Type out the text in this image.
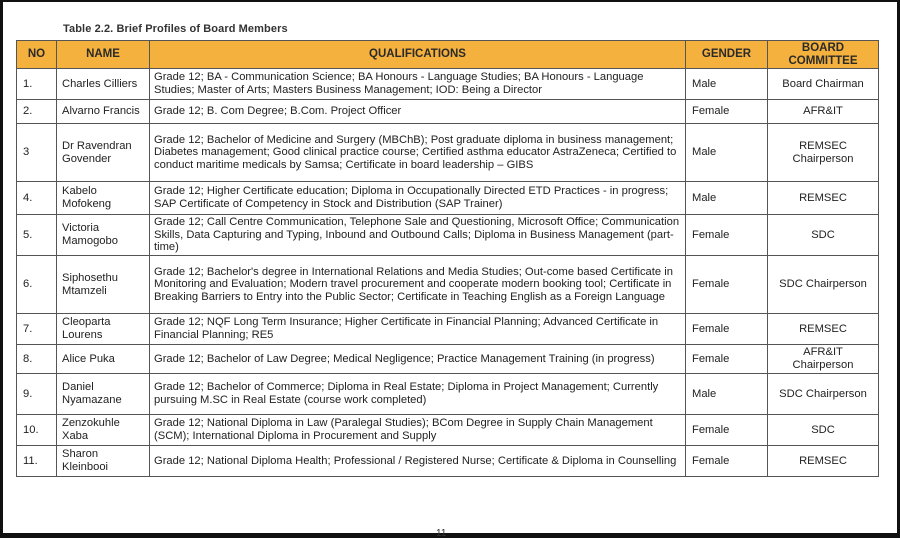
Table 2.2. Brief Profiles of Board Members
NO	NAME	QUALIFICATIONS	GENDER	BOARD COMMITTEE
1.	Charles Cilliers	Grade 12; BA - Communication Science; BA Honours - Language Studies; BA Honours - Language Studies; Master of Arts; Masters Business Management; IOD: Being a Director	Male	Board Chairman
2.	Alvarno Francis	Grade 12; B. Com Degree; B.Com. Project Officer	Female	AFR&IT
3	Dr Ravendran Govender	Grade 12; Bachelor of Medicine and Surgery (MBChB); Post graduate diploma in business management; Diabetes management; Good clinical practice course; Certified asthma educator AstraZeneca; Certified to conduct maritime medicals by Samsa; Certificate in board leadership – GIBS	Male	REMSEC Chairperson
4.	Kabelo Mofokeng	Grade 12; Higher Certificate education; Diploma in Occupationally Directed ETD Practices - in progress; SAP Certificate of Competency in Stock and Distribution (SAP Trainer)	Male	REMSEC
5.	Victoria Mamogobo	Grade 12; Call Centre Communication, Telephone Sale and Questioning, Microsoft Office; Communication Skills, Data Capturing and Typing, Inbound and Outbound Calls; Diploma in Business Management (part-time)	Female	SDC
6.	Siphosethu Mtamzeli	Grade 12; Bachelor's degree in International Relations and Media Studies; Out-come based Certificate in Monitoring and Evaluation; Modern travel procurement and cooperate modern booking tool; Certificate in Breaking Barriers to Entry into the Public Sector; Certificate in Teaching English as a Foreign Language	Female	SDC Chairperson
7.	Cleoparta Lourens	Grade 12; NQF Long Term Insurance; Higher Certificate in Financial Planning; Advanced Certificate in Financial Planning; RE5	Female	REMSEC
8.	Alice Puka	Grade 12; Bachelor of Law Degree; Medical Negligence; Practice Management Training (in progress)	Female	AFR&IT Chairperson
9.	Daniel Nyamazane	Grade 12; Bachelor of Commerce; Diploma in Real Estate; Diploma in Project Management; Currently pursuing M.SC in Real Estate (course work completed)	Male	SDC Chairperson
10.	Zenzokuhle Xaba	Grade 12; National Diploma in Law (Paralegal Studies); BCom Degree in Supply Chain Management (SCM); International Diploma in Procurement and Supply	Female	SDC
11.	Sharon Kleinbooi	Grade 12; National Diploma Health; Professional / Registered Nurse; Certificate & Diploma in Counselling	Female	REMSEC
11
